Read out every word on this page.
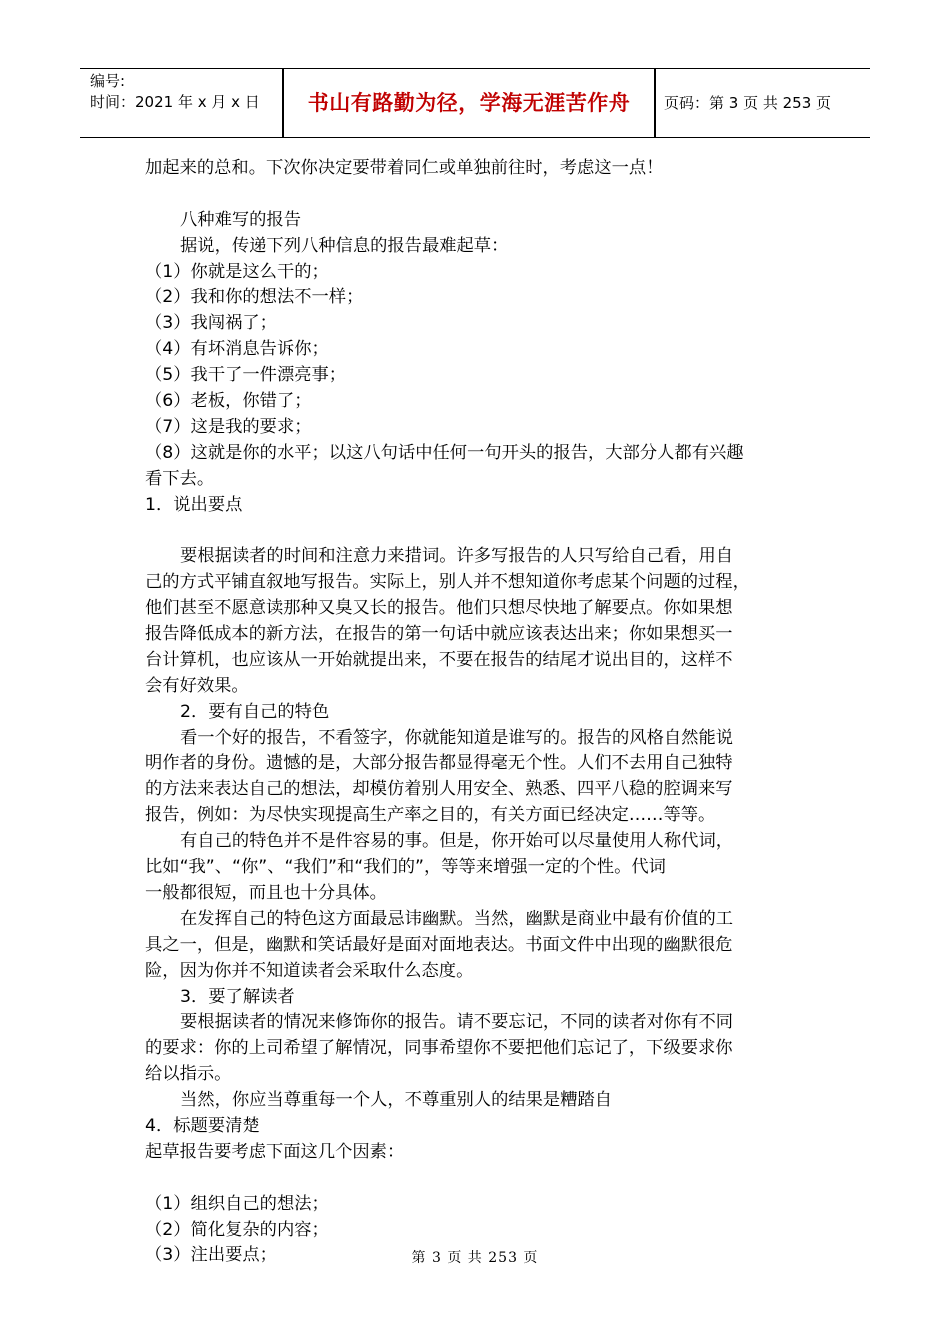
编号:
时间：2021 年 x 月 x 日	书山有路勤为径，学海无涯苦作舟	页码：第 3 页 共 253 页
加起来的总和。下次你决定要带着同仁或单独前往时，考虑这一点！
八种难写的报告
据说，传递下列八种信息的报告最难起草：
（1）你就是这么干的；
（2）我和你的想法不一样；
（3）我闯祸了；
（4）有坏消息告诉你；
（5）我干了一件漂亮事；
（6）老板，你错了；
（7）这是我的要求；
（8）这就是你的水平；以这八句话中任何一句开头的报告，大部分人都有兴趣
看下去。
1．说出要点
要根据读者的时间和注意力来措词。许多写报告的人只写给自己看，用自
己的方式平铺直叙地写报告。实际上，别人并不想知道你考虑某个问题的过程，
他们甚至不愿意读那种又臭又长的报告。他们只想尽快地了解要点。你如果想
报告降低成本的新方法，在报告的第一句话中就应该表达出来；你如果想买一
台计算机，也应该从一开始就提出来，不要在报告的结尾才说出目的，这样不
会有好效果。
2．要有自己的特色
看一个好的报告，不看签字，你就能知道是谁写的。报告的风格自然能说
明作者的身份。遗憾的是，大部分报告都显得毫无个性。人们不去用自己独特
的方法来表达自己的想法，却模仿着别人用安全、熟悉、四平八稳的腔调来写
报告，例如：为尽快实现提高生产率之目的，有关方面已经决定……等等。
有自己的特色并不是件容易的事。但是，你开始可以尽量使用人称代词，
比如“我”、“你”、“我们”和“我们的”，等等来增强一定的个性。代词
一般都很短，而且也十分具体。
在发挥自己的特色这方面最忌讳幽默。当然，幽默是商业中最有价值的工
具之一，但是，幽默和笑话最好是面对面地表达。书面文件中出现的幽默很危
险，因为你并不知道读者会采取什么态度。
3．要了解读者
要根据读者的情况来修饰你的报告。请不要忘记，不同的读者对你有不同
的要求：你的上司希望了解情况，同事希望你不要把他们忘记了，下级要求你
给以指示。
当然，你应当尊重每一个人，不尊重别人的结果是糟踏自
4．标题要清楚
起草报告要考虑下面这几个因素：
（1）组织自己的想法；
（2）简化复杂的内容；
（3）注出要点；	第 3 页 共 253 页
